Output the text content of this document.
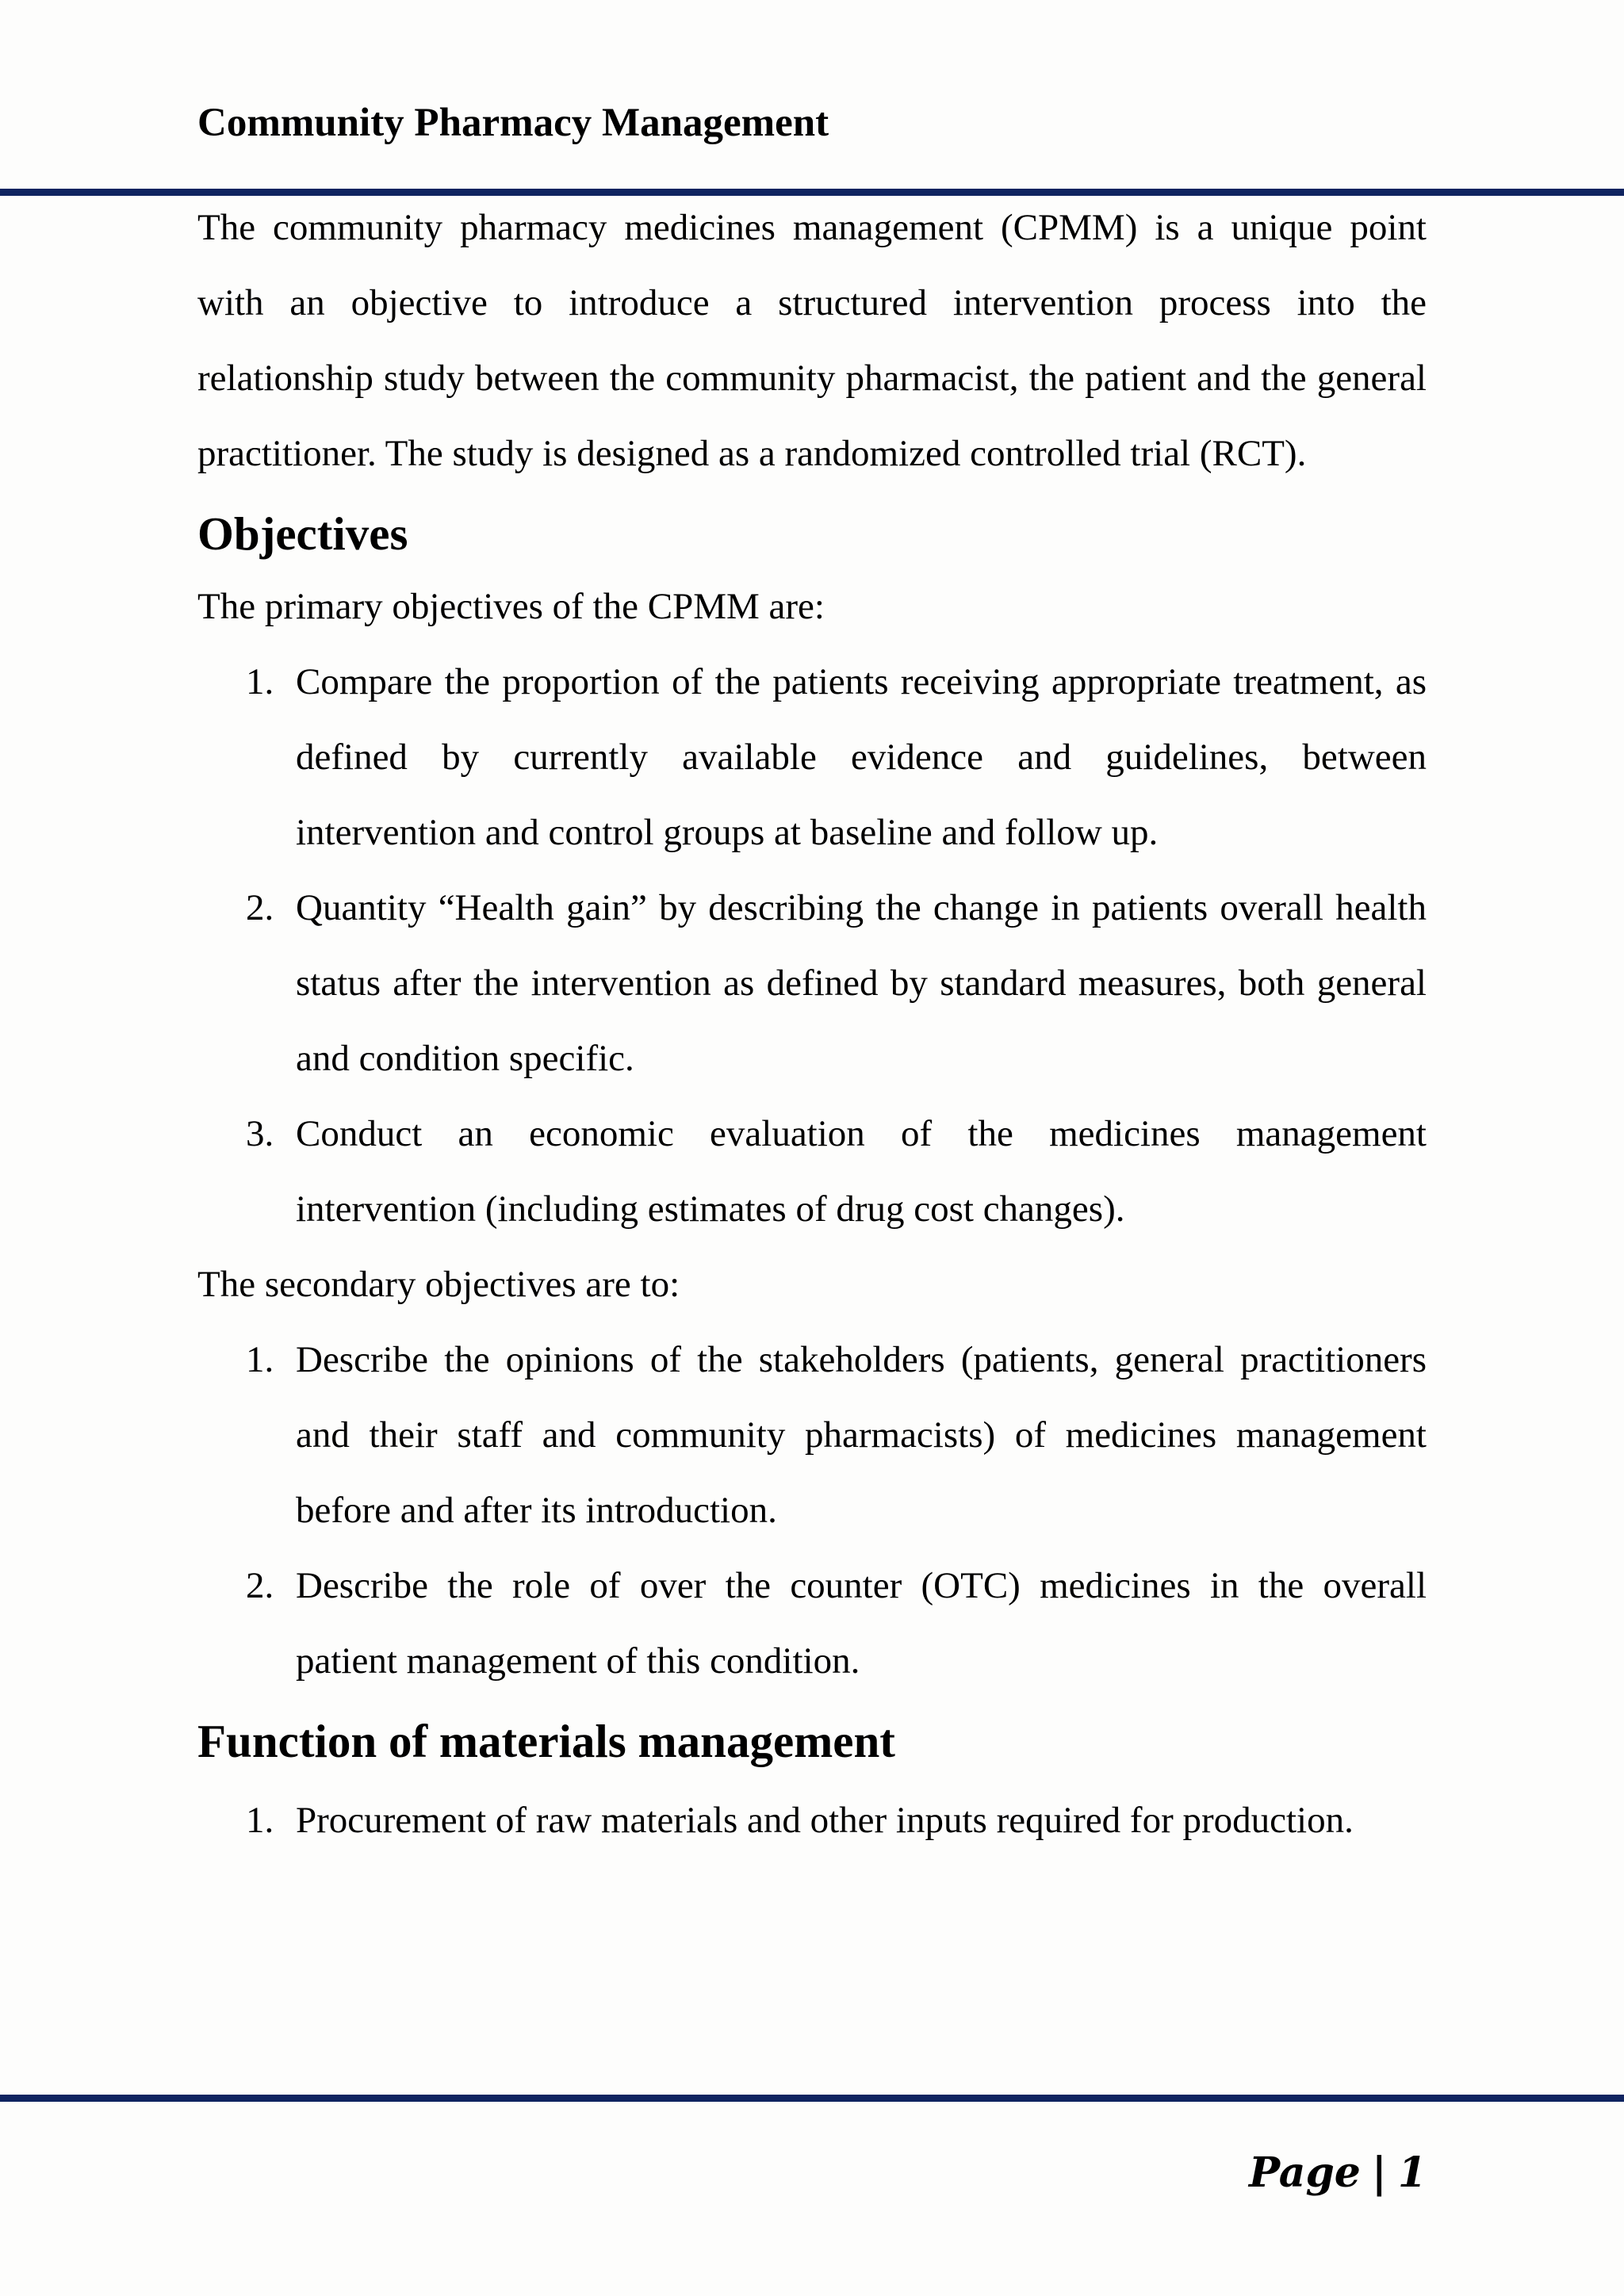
Community Pharmacy Management

The community pharmacy medicines management (CPMM) is a unique point with an objective to introduce a structured intervention process into the relationship study between the community pharmacist, the patient and the general practitioner. The study is designed as a randomized controlled trial (RCT).

Objectives

The primary objectives of the CPMM are:

1. Compare the proportion of the patients receiving appropriate treatment, as defined by currently available evidence and guidelines, between intervention and control groups at baseline and follow up.
2. Quantity “Health gain” by describing the change in patients overall health status after the intervention as defined by standard measures, both general and condition specific.
3. Conduct an economic evaluation of the medicines management intervention (including estimates of drug cost changes).

The secondary objectives are to:

1. Describe the opinions of the stakeholders (patients, general practitioners and their staff and community pharmacists) of medicines management before and after its introduction.
2. Describe the role of over the counter (OTC) medicines in the overall patient management of this condition.
Function of materials management
1. Procurement of raw materials and other inputs required for production.

Page | 1
